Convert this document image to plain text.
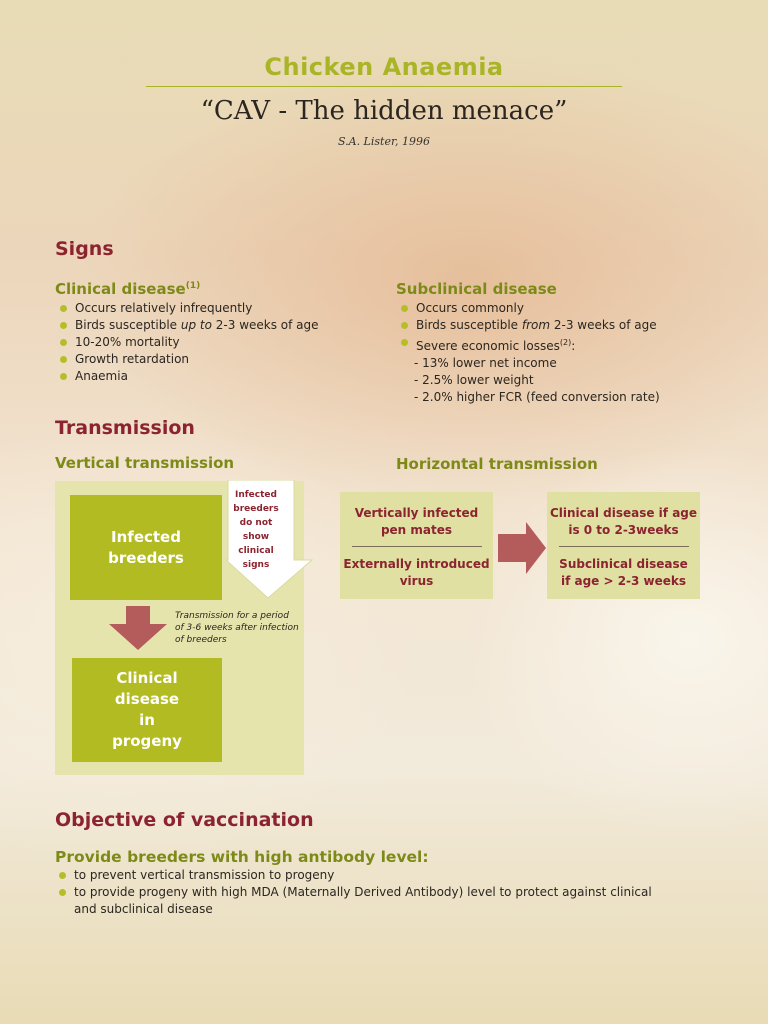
Chicken Anaemia
“CAV - The hidden menace”
S.A. Lister, 1996
Signs
Clinical disease$^{(1)}$
Occurs relatively infrequently
Birds susceptible up to 2-3 weeks of age
10-20% mortality
Growth retardation
Anaemia
Subclinical disease
Occurs commonly
Birds susceptible from 2-3 weeks of age
Severe economic losses$^{(2)}$:
- 13% lower net income
- 2.5% lower weight
- 2.0% higher FCR (feed conversion rate)
Transmission
Vertical transmission	Horizontal transmission
Infected
breeders
Infected
breeders
do not
show
clinical
signs
Transmission for a period
of 3-6 weeks after infection
of breeders
Clinical
disease
in
progeny
Vertically infected
pen mates
Externally introduced
virus
Clinical disease if age
is 0 to 2-3weeks
Subclinical disease
if age > 2-3 weeks
Objective of vaccination
Provide breeders with high antibody level:
to prevent vertical transmission to progeny
to provide progeny with high MDA (Maternally Derived Antibody) level to protect against clinical
and subclinical disease
